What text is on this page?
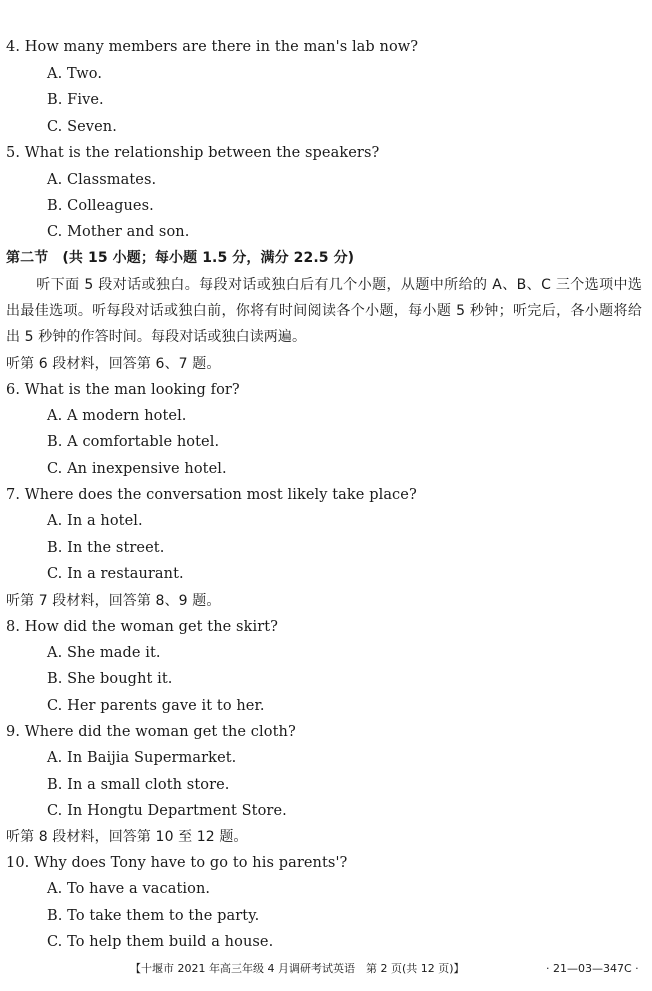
4. How many members are there in the man's lab now?
A. Two.
B. Five.
C. Seven.
5. What is the relationship between the speakers?
A. Classmates.
B. Colleagues.
C. Mother and son.
第二节　(共 15 小题；每小题 1.5 分，满分 22.5 分)
听下面 5 段对话或独白。每段对话或独白后有几个小题，从题中所给的 A、B、C 三个选项中选出最佳选项。听每段对话或独白前，你将有时间阅读各个小题，每小题 5 秒钟；听完后，各小题将给出 5 秒钟的作答时间。每段对话或独白读两遍。
听第 6 段材料，回答第 6、7 题。
6. What is the man looking for?
A. A modern hotel.
B. A comfortable hotel.
C. An inexpensive hotel.
7. Where does the conversation most likely take place?
A. In a hotel.
B. In the street.
C. In a restaurant.
听第 7 段材料，回答第 8、9 题。
8. How did the woman get the skirt?
A. She made it.
B. She bought it.
C. Her parents gave it to her.
9. Where did the woman get the cloth?
A. In Baijia Supermarket.
B. In a small cloth store.
C. In Hongtu Department Store.
听第 8 段材料，回答第 10 至 12 题。
10. Why does Tony have to go to his parents'?
A. To have a vacation.
B. To take them to the party.
C. To help them build a house.
【十堰市 2021 年高三年级 4 月调研考试英语　第 2 页(共 12 页)】	· 21—03—347C ·
